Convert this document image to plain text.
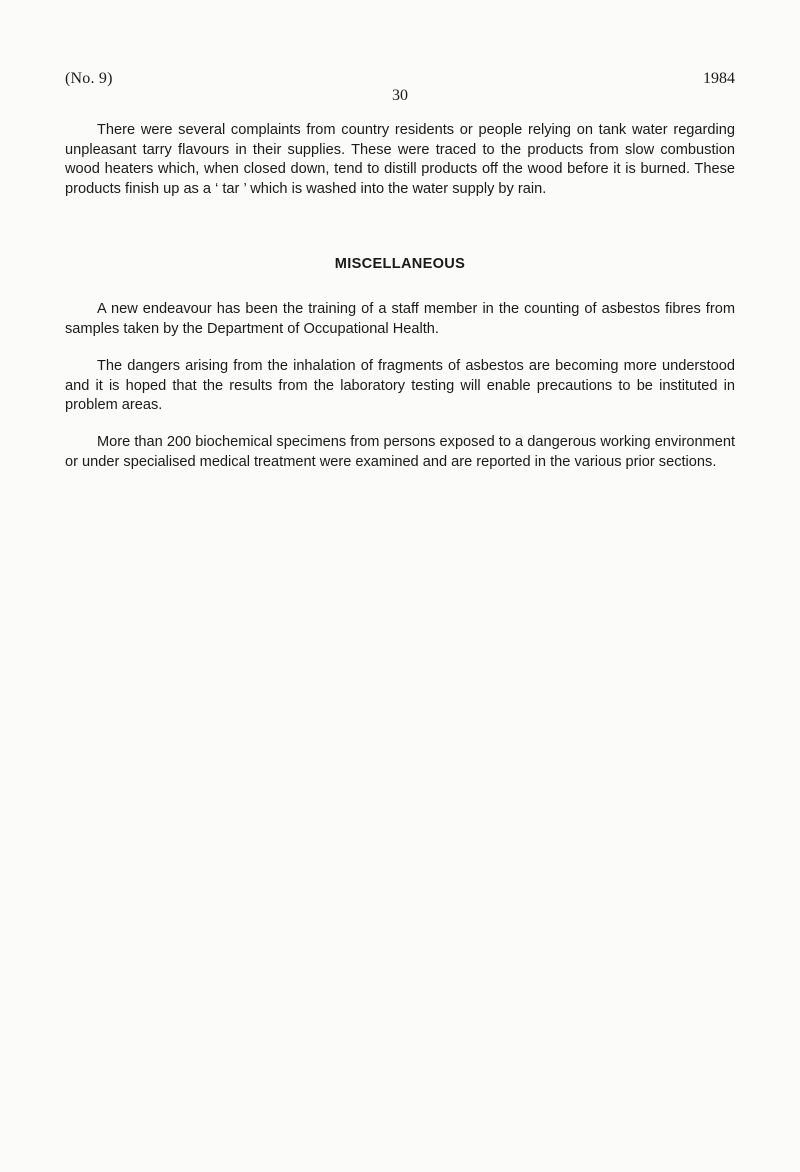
(No. 9)	1984
30

There were several complaints from country residents or people relying on tank water regarding unpleasant tarry flavours in their supplies. These were traced to the products from slow combustion wood heaters which, when closed down, tend to distill products off the wood before it is burned. These products finish up as a ‘ tar ’ which is washed into the water supply by rain.

MISCELLANEOUS

A new endeavour has been the training of a staff member in the counting of asbestos fibres from samples taken by the Department of Occupational Health.

The dangers arising from the inhalation of fragments of asbestos are becoming more understood and it is hoped that the results from the laboratory testing will enable precautions to be instituted in problem areas.

More than 200 biochemical specimens from persons exposed to a dangerous working environment or under specialised medical treatment were examined and are reported in the various prior sections.
